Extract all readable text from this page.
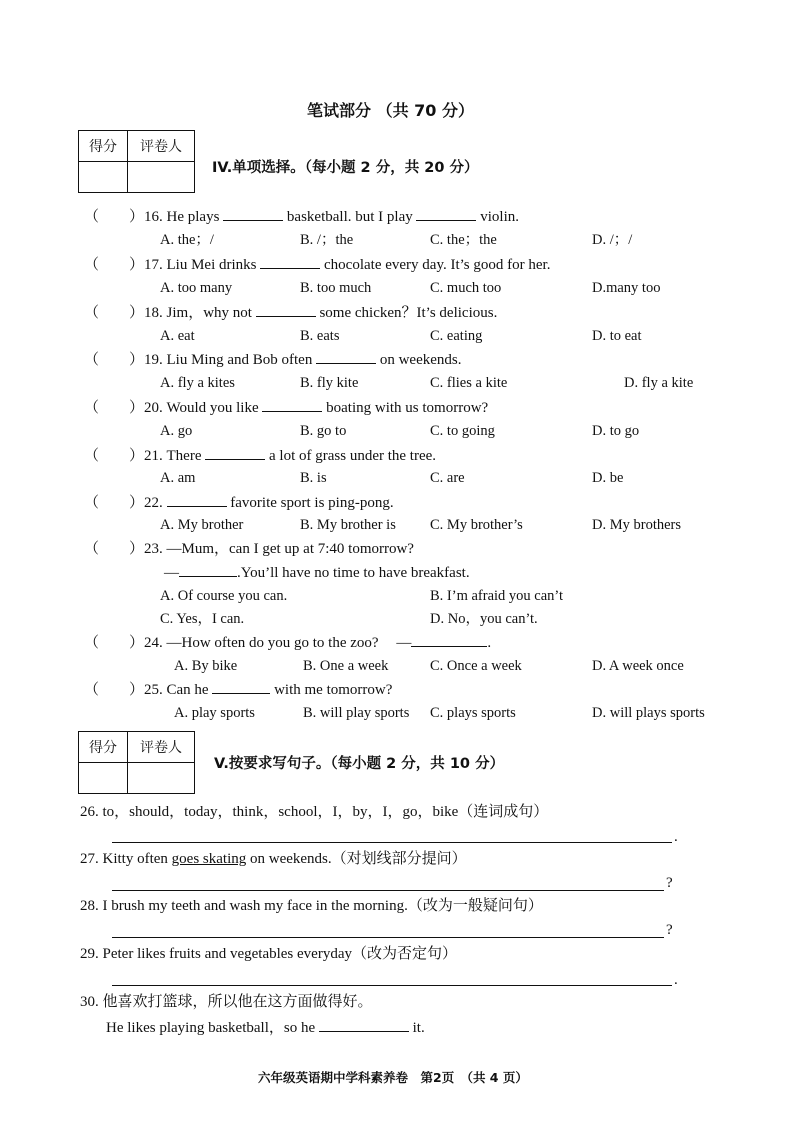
笔试部分 （共 70 分）
得分	评卷人

IV.单项选择。（每小题 2 分，共 20 分）
（　　）16. He plays	basketball. but I play	violin.
A. the；/	B. /；the	C. the；the	D. /；/
（　　）17. Liu Mei drinks	chocolate every day. It’s good for her.
A. too many	B. too much	C. much too	D.many too
（　　）18. Jim，why not	some chicken？It’s delicious.
A. eat	B. eats	C. eating	D. to eat
（　　）19. Liu Ming and Bob often	on weekends.
A. fly a kites	B. fly kite	C. flies a kite	D. fly a kite
（　　）20. Would you like	boating with us tomorrow?
A. go	B. go to	C. to going	D. to go
（　　）21. There	a lot of grass under the tree.
A. am	B. is	C. are	D. be
（　　）22.	favorite sport is ping-pong.
A. My brother	B. My brother is C. My brother’s	D. My brothers
（　　）23. —Mum，can I get up at 7:40 tomorrow?
—	.You’ll have no time to have breakfast.
A. Of course you can.	B. I’m afraid you can’t
C. Yes，I can.	D. No，you can’t.
（　　）24. —How often do you go to the zoo? —	.
A. By bike	B. One a week	C. Once a week	D. A week once
（　　）25. Can he	with me tomorrow?
A. play sports	B. will play sports C. plays sports	D. will plays sports
得分	评卷人

V.按要求写句子。（每小题 2 分，共 10 分）
26. to，should，today，think，school，I，by，I，go，bike（连词成句）
.
27. Kitty often goes skating on weekends.（对划线部分提问）
?
28. I brush my teeth and wash my face in the morning.（改为一般疑问句）
?
29. Peter likes fruits and vegetables everyday（改为否定句）
.
30. 他喜欢打篮球，所以他在这方面做得好。
He likes playing basketball，so he	it.
六年级英语期中学科素养卷　第2页　（共 4 页）
